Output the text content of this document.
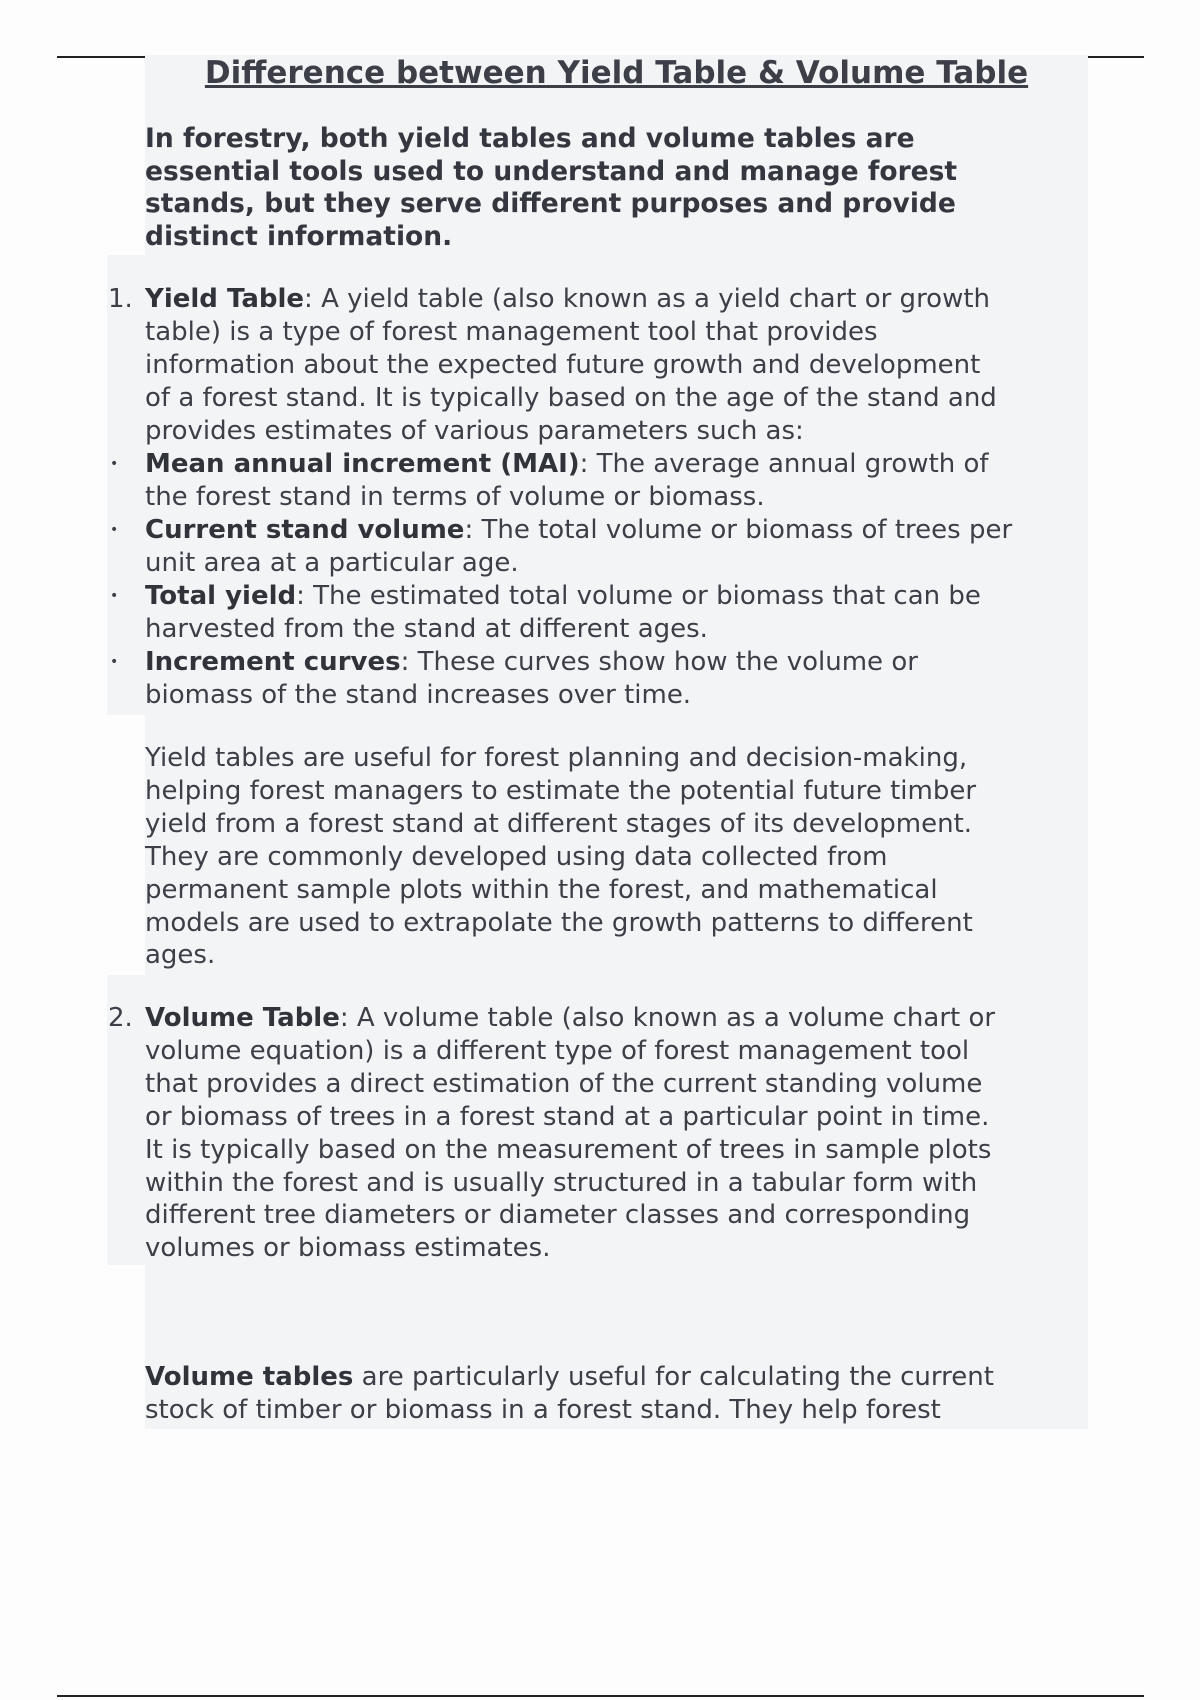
Difference between Yield Table & Volume Table

In forestry, both yield tables and volume tables are
essential tools used to understand and manage forest
stands, but they serve different purposes and provide
distinct information.

1. Yield Table: A yield table (also known as a yield chart or growth
table) is a type of forest management tool that provides
information about the expected future growth and development
of a forest stand. It is typically based on the age of the stand and
provides estimates of various parameters such as:
• Mean annual increment (MAI): The average annual growth of
the forest stand in terms of volume or biomass.
• Current stand volume: The total volume or biomass of trees per
unit area at a particular age.
• Total yield: The estimated total volume or biomass that can be
harvested from the stand at different ages.
• Increment curves: These curves show how the volume or
biomass of the stand increases over time.

Yield tables are useful for forest planning and decision-making,
helping forest managers to estimate the potential future timber
yield from a forest stand at different stages of its development.
They are commonly developed using data collected from
permanent sample plots within the forest, and mathematical
models are used to extrapolate the growth patterns to different
ages.

2. Volume Table: A volume table (also known as a volume chart or
volume equation) is a different type of forest management tool
that provides a direct estimation of the current standing volume
or biomass of trees in a forest stand at a particular point in time.
It is typically based on the measurement of trees in sample plots
within the forest and is usually structured in a tabular form with
different tree diameters or diameter classes and corresponding
volumes or biomass estimates.

Volume tables are particularly useful for calculating the current
stock of timber or biomass in a forest stand. They help forest
